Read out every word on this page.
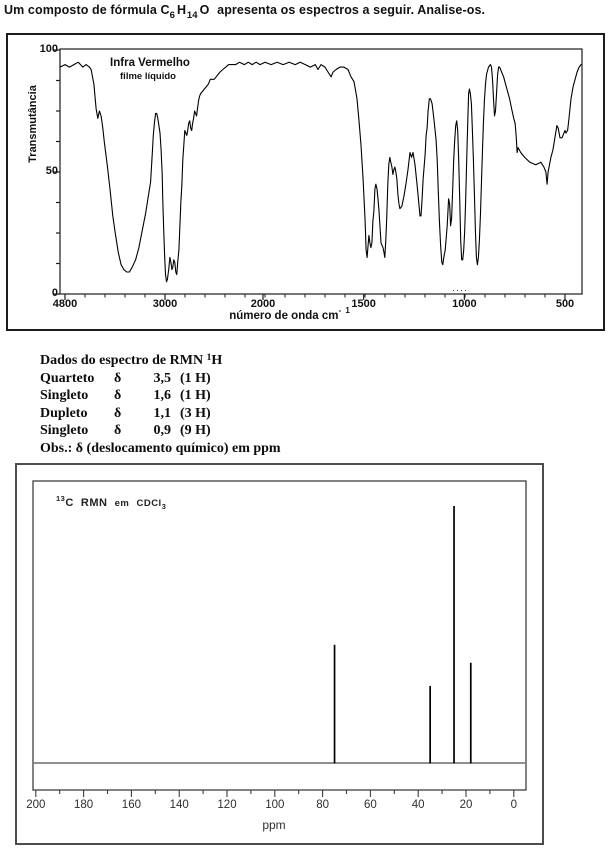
Um composto de fórmula $C_6$ $H_{14}$ O apresenta os espectros a seguir. Analise-os.
Infra Vermelho
filme líquido
Transmutância
····
número de onda $cm^{- 1}$
4800	3000	2000	1500	1000	500
100
50
0
Dados do espectro de RMN $^1$H
Quarteto δ 3,5 (1 H)
Singleto δ 1,6 (1 H)
Dupleto δ 1,1 (3 H)
Singleto δ 0,9 (9 H)
Obs.: δ (deslocamento químico) em ppm
$^{13}$C RMN em CDCl$_3$
200 180 160 140 120 100	80	60	40	20	0
ppm
